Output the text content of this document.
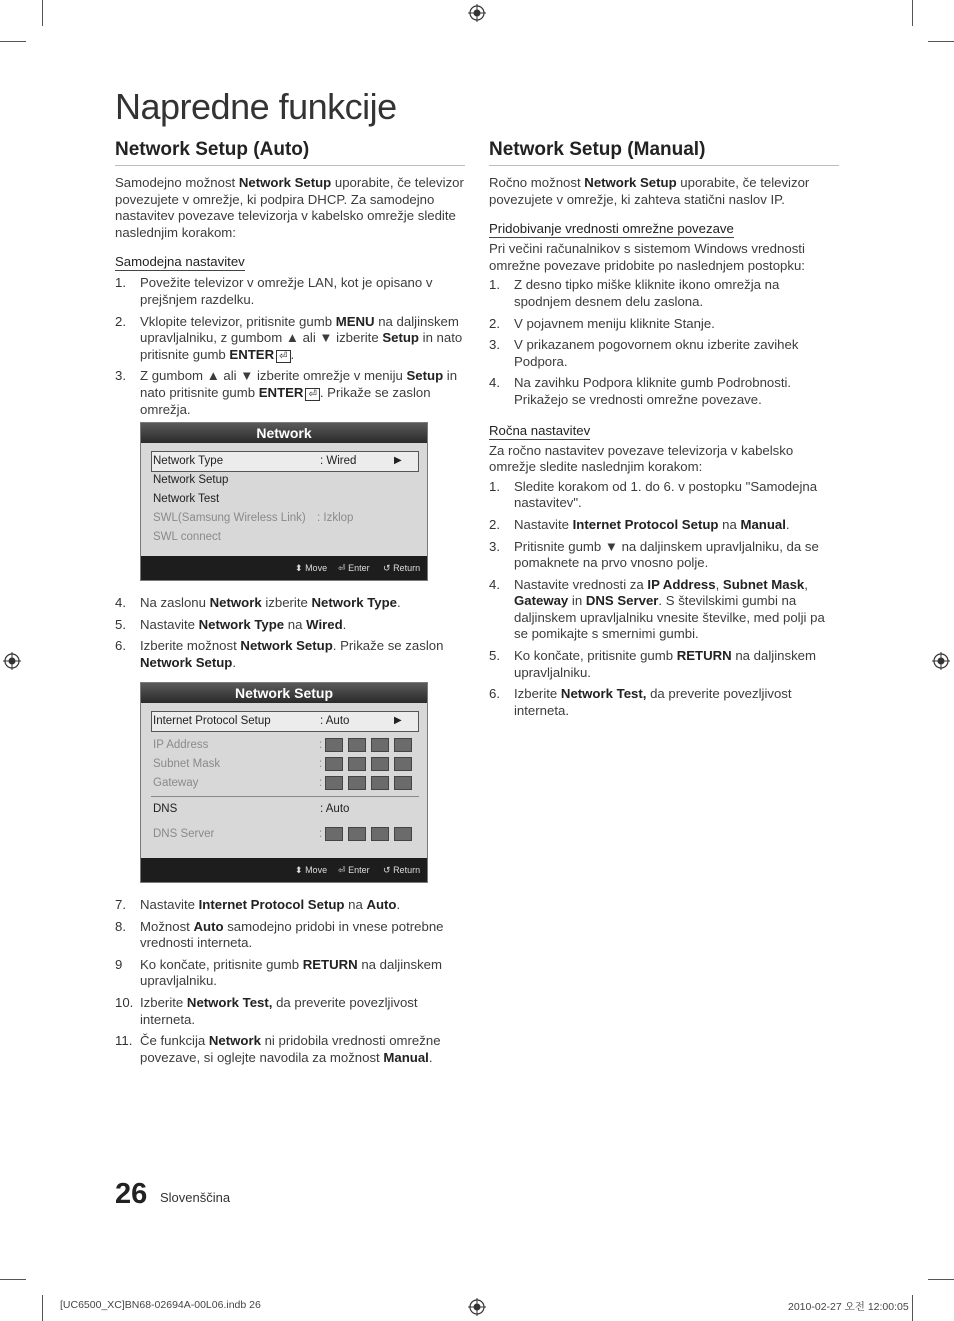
Napredne funkcije
Network Setup (Auto)

Samodejno možnost Network Setup uporabite, če televizor povezujete v omrežje, ki podpira DHCP. Za samodejno nastavitev povezave televizorja v kabelsko omrežje sledite naslednjim korakom:

Samodejna nastavitev
1. Povežite televizor v omrežje LAN, kot je opisano v prejšnjem razdelku.
2. Vklopite televizor, pritisnite gumb MENU na daljinskem upravljalniku, z gumbom ▲ ali ▼ izberite Setup in nato pritisnite gumb ENTER ⏎ .
3. Z gumbom ▲ ali ▼ izberite omrežje v meniju Setup in nato pritisnite gumb ENTER ⏎ . Prikaže se zaslon omrežja.
Network
Network Type	: Wired	▶
Network Setup
Network Test
SWL(Samsung Wireless Link) : Izklop
SWL connect
⬍ Move ⏎ Enter ↺ Return
4. Na zaslonu Network izberite Network Type.
5. Nastavite Network Type na Wired.
6. Izberite možnost Network Setup. Prikaže se zaslon Network Setup.
Network Setup
Internet Protocol Setup	: Auto	▶
IP Address	:
Subnet Mask	:
Gateway	:
DNS	: Auto
DNS Server	:
⬍ Move ⏎ Enter ↺ Return
7. Nastavite Internet Protocol Setup na Auto.
8. Možnost Auto samodejno pridobi in vnese potrebne vrednosti interneta.
9 Ko končate, pritisnite gumb RETURN na daljinskem upravljalniku.
10. Izberite Network Test, da preverite povezljivost interneta.
11. Če funkcija Network ni pridobila vrednosti omrežne povezave, si oglejte navodila za možnost Manual.
Network Setup (Manual)

Ročno možnost Network Setup uporabite, če televizor povezujete v omrežje, ki zahteva statični naslov IP.

Pridobivanje vrednosti omrežne povezave

Pri večini računalnikov s sistemom Windows vrednosti omrežne povezave pridobite po naslednjem postopku:

1. Z desno tipko miške kliknite ikono omrežja na spodnjem desnem delu zaslona.
2. V pojavnem meniju kliknite Stanje.
3. V prikazanem pogovornem oknu izberite zavihek Podpora.
4. Na zavihku Podpora kliknite gumb Podrobnosti. Prikažejo se vrednosti omrežne povezave.
Ročna nastavitev

Za ročno nastavitev povezave televizorja v kabelsko omrežje sledite naslednjim korakom:

1. Sledite korakom od 1. do 6. v postopku "Samodejna nastavitev".
2. Nastavite Internet Protocol Setup na Manual.
3. Pritisnite gumb ▼ na daljinskem upravljalniku, da se pomaknete na prvo vnosno polje.
4. Nastavite vrednosti za IP Address, Subnet Mask, Gateway in DNS Server. S številskimi gumbi na daljinskem upravljalniku vnesite številke, med polji pa se pomikajte s smernimi gumbi.
5. Ko končate, pritisnite gumb RETURN na daljinskem upravljalniku.
6. Izberite Network Test, da preverite povezljivost interneta.
26 Slovenščina
[UC6500_XC]BN68-02694A-00L06.indb 26	2010-02-27 오전 12:00:05
